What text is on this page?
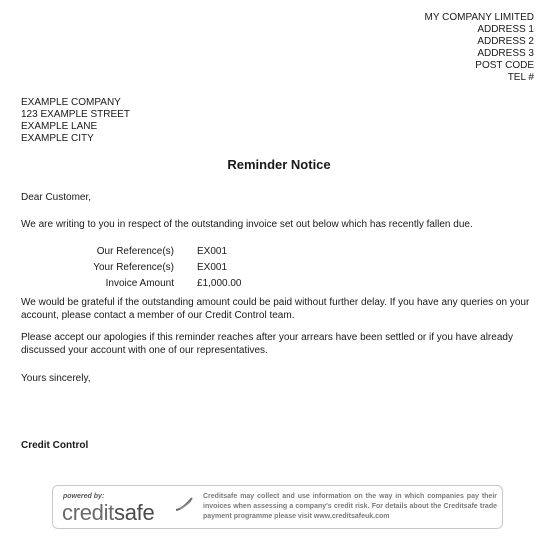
MY COMPANY LIMITED
ADDRESS 1
ADDRESS 2
ADDRESS 3
POST CODE
TEL #
EXAMPLE COMPANY
123 EXAMPLE STREET
EXAMPLE LANE
EXAMPLE CITY
Reminder Notice
Dear Customer,
We are writing to you in respect of the outstanding invoice set out below which has recently fallen due.
Our Reference(s) EX001
Your Reference(s) EX001
Invoice Amount £1,000.00
We would be grateful if the outstanding amount could be paid without further delay. If you have any queries on your account, please contact a member of our Credit Control team.
Please accept our apologies if this reminder reaches after your arrears have been settled or if you have already discussed your account with one of our representatives.
Yours sincerely,
Credit Control
powered by:
creditsafe
Creditsafe may collect and use information on the way in which companies pay their invoices when assessing a company's credit risk. For details about the Creditsafe trade payment programme please visit www.creditsafeuk.com
